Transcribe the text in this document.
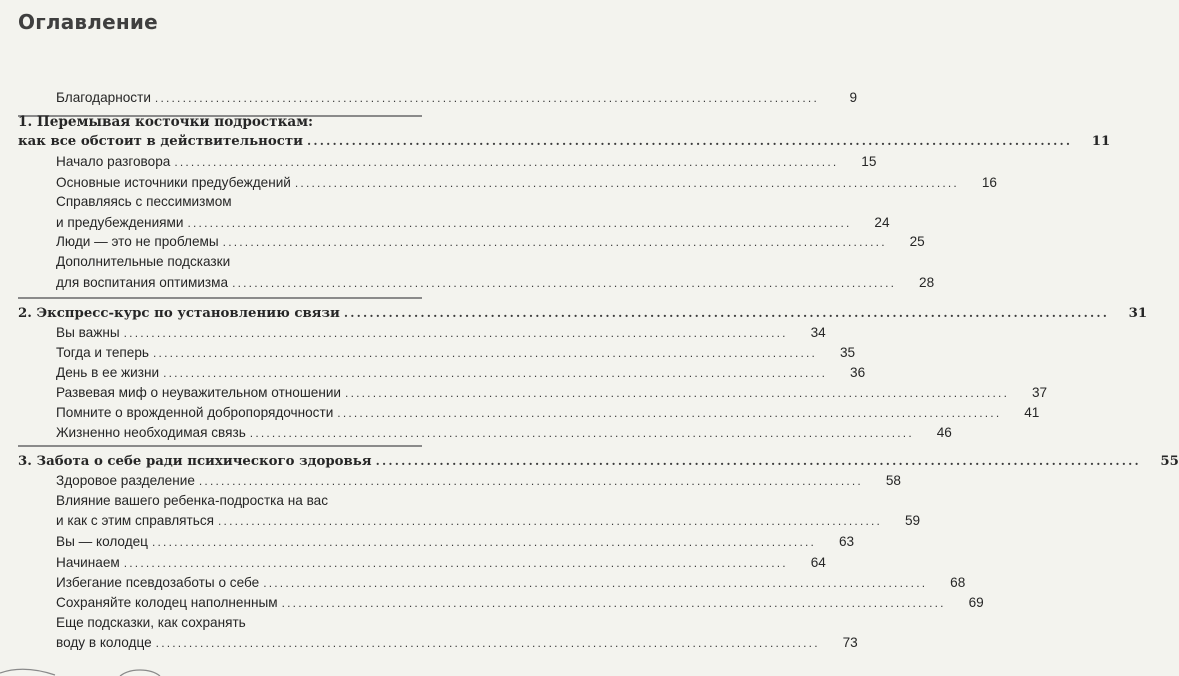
Оглавление
Благодарности ........................................................................................................................	9
1. Перемывая косточки подросткам:
как все обстоит в действительности ........................................................................................................................	11
Начало разговора ........................................................................................................................	15
Основные источники предубеждений ........................................................................................................................	16
Справляясь с пессимизмом
и предубеждениями ........................................................................................................................	24
Люди — это не проблемы ........................................................................................................................	25
Дополнительные подсказки
для воспитания оптимизма ........................................................................................................................	28
2. Экспресс-курс по установлению связи ........................................................................................................................	31
Вы важны ........................................................................................................................	34
Тогда и теперь ........................................................................................................................	35
День в ее жизни ........................................................................................................................	36
Развевая миф о неуважительном отношении ........................................................................................................................	37
Помните о врожденной добропорядочности ........................................................................................................................	41
Жизненно необходимая связь ........................................................................................................................	46
3. Забота о себе ради психического здоровья ........................................................................................................................	55
Здоровое разделение ........................................................................................................................	58
Влияние вашего ребенка-подростка на вас
и как с этим справляться ........................................................................................................................	59
Вы — колодец ........................................................................................................................	63
Начинаем ........................................................................................................................	64
Избегание псевдозаботы о себе ........................................................................................................................	68
Сохраняйте колодец наполненным ........................................................................................................................	69
Еще подсказки, как сохранять
воду в колодце ........................................................................................................................	73
